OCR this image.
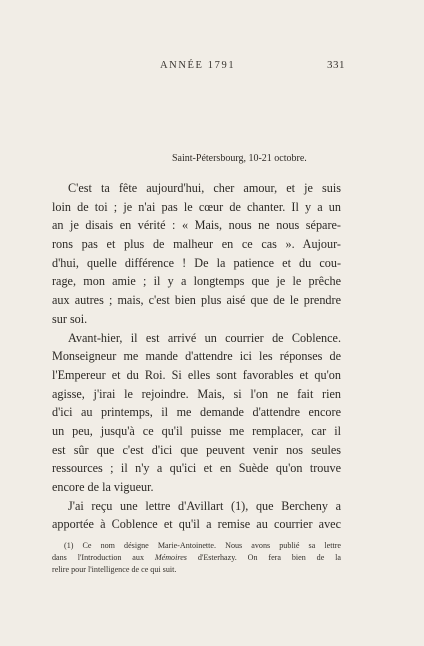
ANNÉE 1791	331
Saint-Pétersbourg, 10-21 octobre.
C'est ta fête aujourd'hui, cher amour, et je suis
loin de toi ; je n'ai pas le cœur de chanter. Il y a un
an je disais en vérité : « Mais, nous ne nous sépare-
rons pas et plus de malheur en ce cas ». Aujour-
d'hui, quelle différence ! De la patience et du cou-
rage, mon amie ; il y a longtemps que je le prêche
aux autres ; mais, c'est bien plus aisé que de le prendre
sur soi.
Avant-hier, il est arrivé un courrier de Coblence.
Monseigneur me mande d'attendre ici les réponses de
l'Empereur et du Roi. Si elles sont favorables et qu'on
agisse, j'irai le rejoindre. Mais, si l'on ne fait rien
d'ici au printemps, il me demande d'attendre encore
un peu, jusqu'à ce qu'il puisse me remplacer, car il
est sûr que c'est d'ici que peuvent venir nos seules
ressources ; il n'y a qu'ici et en Suède qu'on trouve
encore de la vigueur.
J'ai reçu une lettre d'Avillart (1), que Bercheny a
apportée à Coblence et qu'il a remise au courrier avec
(1) Ce nom désigne Marie-Antoinette. Nous avons publié sa lettre
dans l'Introduction aux Mémoires d'Esterhazy. On fera bien de la
relire pour l'intelligence de ce qui suit.
